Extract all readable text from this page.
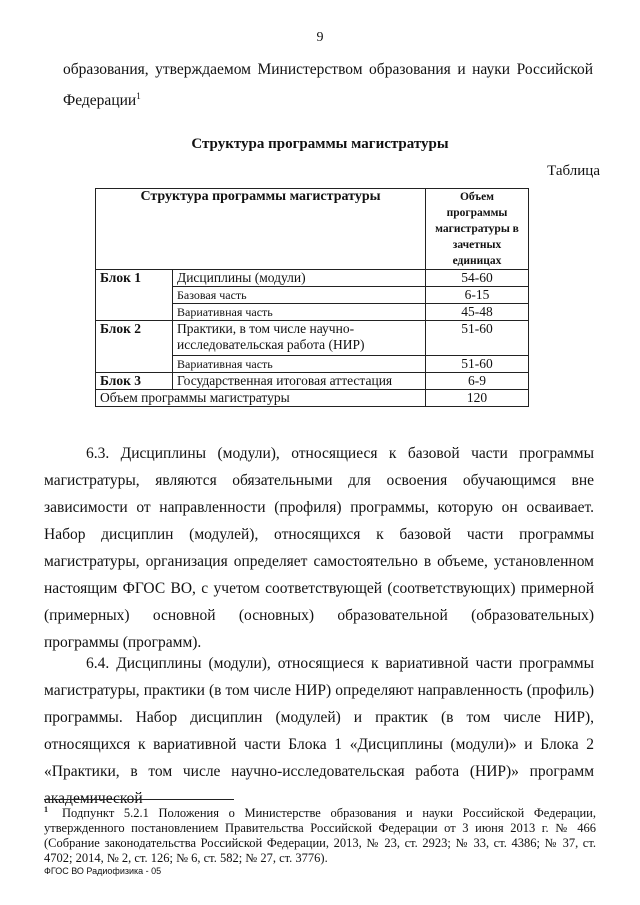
9
образования, утверждаемом Министерством образования и науки Российской
Федерации$^1$
Структура программы магистратуры
Таблица
Структура программы магистратуры		Объем программы магистратуры в зачетных единицах
Блок 1	Дисциплины (модули)	54-60
	Базовая часть	6-15
	Вариативная часть	45-48
Блок 2	Практики, в том числе научно-исследовательская работа (НИР)	51-60
	Вариативная часть	51-60
Блок 3	Государственная итоговая аттестация	6-9
Объем программы магистратуры		120
6.3. Дисциплины (модули), относящиеся к базовой части программы магистратуры, являются обязательными для освоения обучающимся вне зависимости от направленности (профиля) программы, которую он осваивает. Набор дисциплин (модулей), относящихся к базовой части программы магистратуры, организация определяет самостоятельно в объеме, установленном настоящим ФГОС ВО, с учетом соответствующей (соответствующих) примерной (примерных) основной (основных) образовательной (образовательных) программы (программ).
6.4. Дисциплины (модули), относящиеся к вариативной части программы магистратуры, практики (в том числе НИР) определяют направленность (профиль) программы. Набор дисциплин (модулей) и практик (в том числе НИР), относящихся к вариативной части Блока 1 «Дисциплины (модули)» и Блока 2 «Практики, в том числе научно-исследовательская работа (НИР)» программ академической
$^1$ Подпункт 5.2.1 Положения о Министерстве образования и науки Российской Федерации, утвержденного постановлением Правительства Российской Федерации от 3 июня 2013 г. № 466 (Собрание законодательства Российской Федерации, 2013, № 23, ст. 2923; № 33, ст. 4386; № 37, ст. 4702; 2014, № 2, ст. 126; № 6, ст. 582; № 27, ст. 3776).
ФГОС ВО Радиофизика - 05
